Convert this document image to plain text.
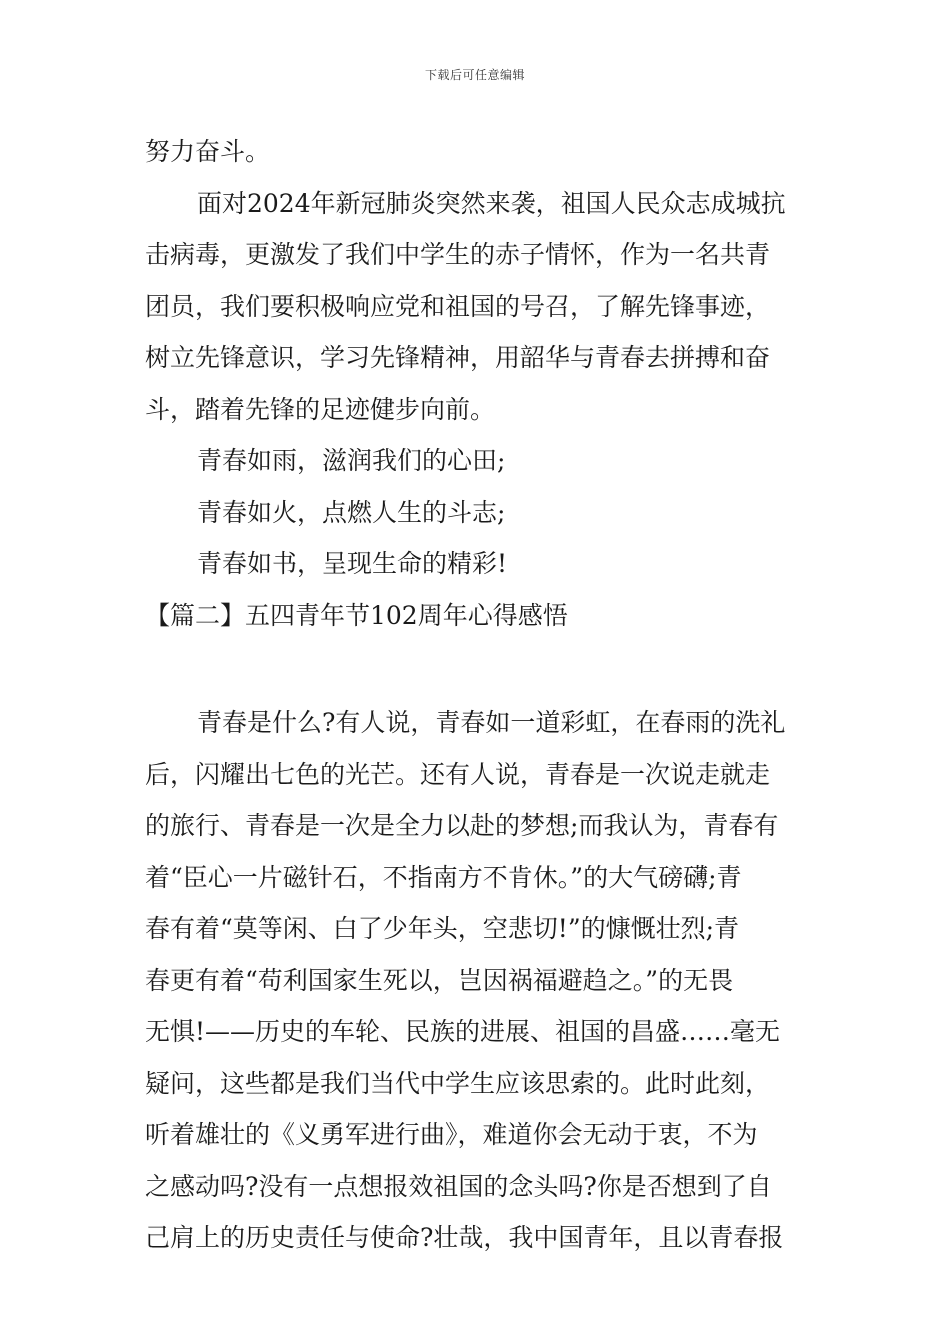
下载后可任意编辑
努力奋斗。
面对2024年新冠肺炎突然来袭，祖国人民众志成城抗
击病毒，更激发了我们中学生的赤子情怀，作为一名共青
团员，我们要积极响应党和祖国的号召，了解先锋事迹，
树立先锋意识，学习先锋精神，用韶华与青春去拼搏和奋
斗，踏着先锋的足迹健步向前。
青春如雨，滋润我们的心田;
青春如火，点燃人生的斗志;
青春如书，呈现生命的精彩!
【篇二】五四青年节102周年心得感悟
青春是什么?有人说，青春如一道彩虹，在春雨的洗礼
后，闪耀出七色的光芒。还有人说，青春是一次说走就走
的旅行、青春是一次是全力以赴的梦想;而我认为，青春有
着“臣心一片磁针石，不指南方不肯休。”的大气磅礴;青
春有着“莫等闲、白了少年头，空悲切!”的慷慨壮烈;青
春更有着“苟利国家生死以，岂因祸福避趋之。”的无畏
无惧!——历史的车轮、民族的进展、祖国的昌盛……毫无
疑问，这些都是我们当代中学生应该思索的。此时此刻，
听着雄壮的《义勇军进行曲》，难道你会无动于衷，不为
之感动吗?没有一点想报效祖国的念头吗?你是否想到了自
己肩上的历史责任与使命?壮哉，我中国青年，且以青春报
